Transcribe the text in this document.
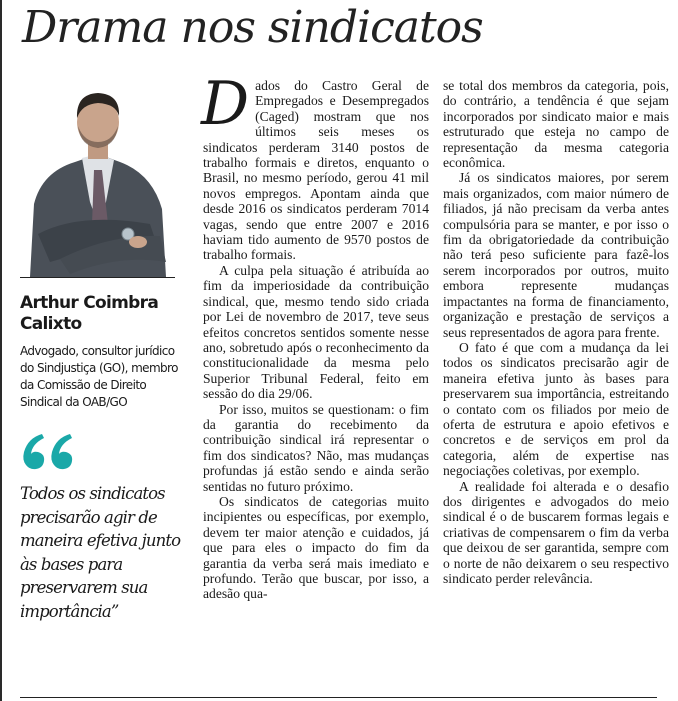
Drama nos sindicatos
Arthur Coimbra Calixto

Advogado, consultor jurídico do Sindjustiça (GO), membro da Comissão de Direito Sindical da OAB/GO

Todos os sindicatos precisarão agir de maneira efetiva junto às bases para preservarem sua importância”

Dados do Castro Geral de Empregados e Desempregados (Caged) mostram que nos últimos seis meses os sindicatos perderam 3140 postos de trabalho formais e diretos, enquanto o Brasil, no mesmo período, gerou 41 mil novos empregos. Apontam ainda que desde 2016 os sindicatos perderam 7014 vagas, sendo que entre 2007 e 2016 haviam tido aumento de 9570 postos de trabalho formais.

A culpa pela situação é atribuída ao fim da imperiosidade da contribuição sindical, que, mesmo tendo sido criada por Lei de novembro de 2017, teve seus efeitos concretos sentidos somente nesse ano, sobretudo após o reconhecimento da constitucionalidade da mesma pelo Superior Tribunal Federal, feito em sessão do dia 29/06.

Por isso, muitos se questionam: o fim da garantia do recebimento da contribuição sindical irá representar o fim dos sindicatos? Não, mas mudanças profundas já estão sendo e ainda serão sentidas no futuro próximo.

Os sindicatos de categorias muito incipientes ou específicas, por exemplo, devem ter maior atenção e cuidados, já que para eles o impacto do fim da garantia da verba será mais imediato e profundo. Terão que buscar, por isso, a adesão qua-

se total dos membros da categoria, pois, do contrário, a tendência é que sejam incorporados por sindicato maior e mais estruturado que esteja no campo de representação da mesma categoria econômica.

Já os sindicatos maiores, por serem mais organizados, com maior número de filiados, já não precisam da verba antes compulsória para se manter, e por isso o fim da obrigatoriedade da contribuição não terá peso suficiente para fazê-los serem incorporados por outros, muito embora represente mudanças impactantes na forma de financiamento, organização e prestação de serviços a seus representados de agora para frente.

O fato é que com a mudança da lei todos os sindicatos precisarão agir de maneira efetiva junto às bases para preservarem sua importância, estreitando o contato com os filiados por meio de oferta de estrutura e apoio efetivos e concretos e de serviços em prol da categoria, além de expertise nas negociações coletivas, por exemplo.

A realidade foi alterada e o desafio dos dirigentes e advogados do meio sindical é o de buscarem formas legais e criativas de compensarem o fim da verba que deixou de ser garantida, sempre com o norte de não deixarem o seu respectivo sindicato perder relevância.
